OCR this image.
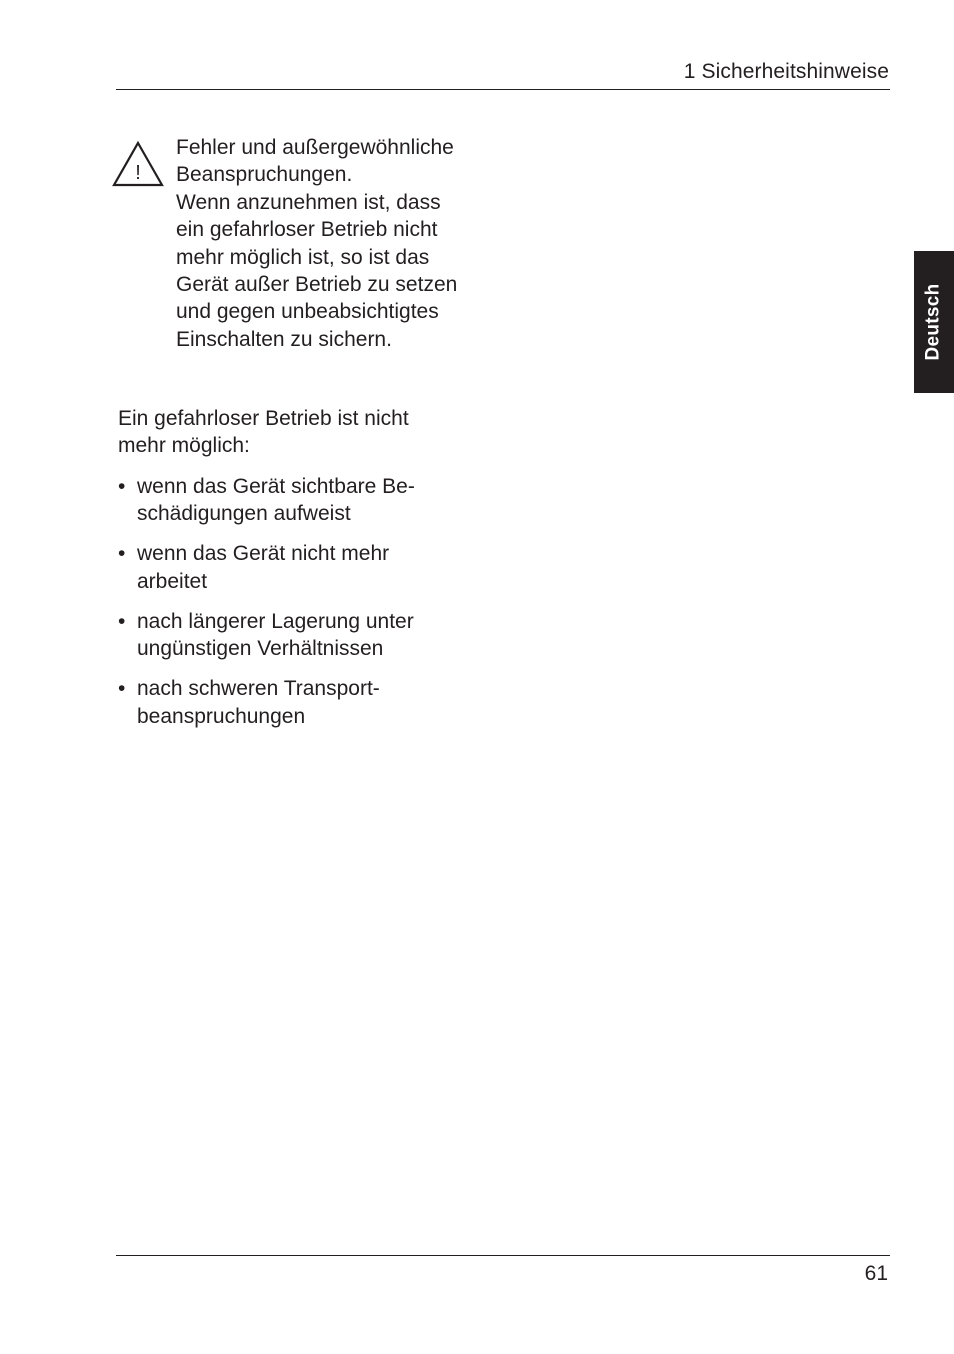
1 Sicherheitshinweise
Deutsch
!

Fehler und außergewöhnliche

Beanspruchungen.

Wenn anzunehmen ist, dass

ein gefahrloser Betrieb nicht

mehr möglich ist, so ist das

Gerät außer Betrieb zu setzen

und gegen unbeabsichtigtes

Einschalten zu sichern.

Ein gefahrloser Betrieb ist nicht
mehr möglich:
• wenn das Gerät sichtbare Be-
schädigungen aufweist
• wenn das Gerät nicht mehr
arbeitet
• nach längerer Lagerung unter
ungünstigen Verhältnissen
• nach schweren Transport-
beanspruchungen
61
